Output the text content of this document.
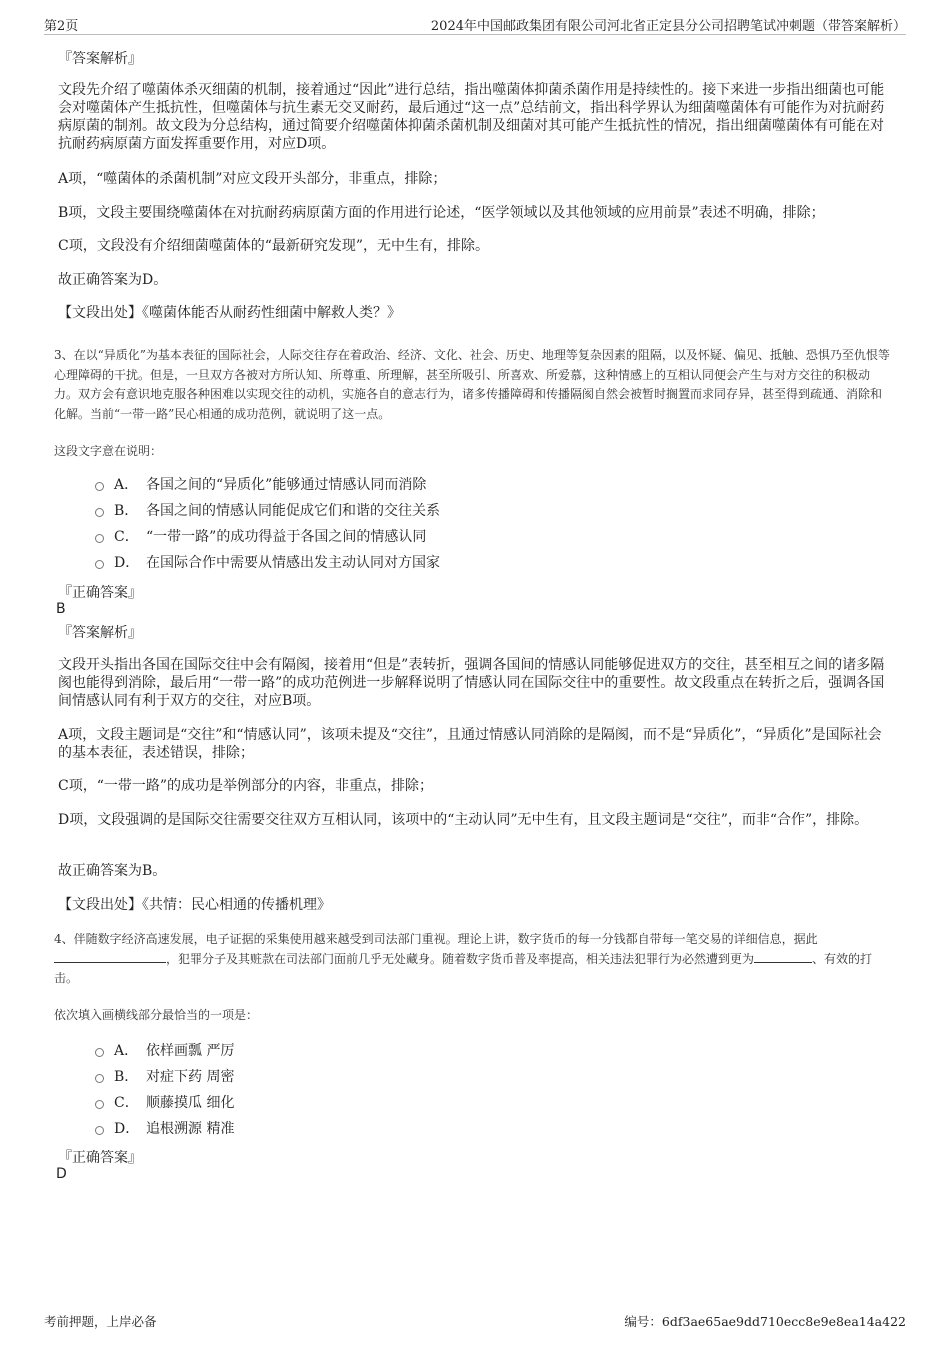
第2页	2024年中国邮政集团有限公司河北省正定县分公司招聘笔试冲刺题（带答案解析）
『答案解析』
文段先介绍了噬菌体杀灭细菌的机制，接着通过“因此”进行总结，指出噬菌体抑菌杀菌作用是持续性的。接下来进一步指出细菌也可能会对噬菌体产生抵抗性，但噬菌体与抗生素无交叉耐药，最后通过“这一点”总结前文，指出科学界认为细菌噬菌体有可能作为对抗耐药病原菌的制剂。故文段为分总结构，通过简要介绍噬菌体抑菌杀菌机制及细菌对其可能产生抵抗性的情况，指出细菌噬菌体有可能在对抗耐药病原菌方面发挥重要作用，对应D项。
A项，“噬菌体的杀菌机制”对应文段开头部分，非重点，排除；
B项，文段主要围绕噬菌体在对抗耐药病原菌方面的作用进行论述，“医学领域以及其他领域的应用前景”表述不明确，排除；
C项，文段没有介绍细菌噬菌体的“最新研究发现”，无中生有，排除。
故正确答案为D。
【文段出处】《噬菌体能否从耐药性细菌中解救人类？》
3、在以“异质化”为基本表征的国际社会，人际交往存在着政治、经济、文化、社会、历史、地理等复杂因素的阻隔，以及怀疑、偏见、抵触、恐惧乃至仇恨等心理障碍的干扰。但是，一旦双方各被对方所认知、所尊重、所理解，甚至所吸引、所喜欢、所爱慕，这种情感上的互相认同便会产生与对方交往的积极动力。双方会有意识地克服各种困难以实现交往的动机，实施各自的意志行为，诸多传播障碍和传播隔阂自然会被暂时搁置而求同存异，甚至得到疏通、消除和化解。当前“一带一路”民心相通的成功范例，就说明了这一点。
这段文字意在说明：
A． 各国之间的“异质化”能够通过情感认同而消除
B． 各国之间的情感认同能促成它们和谐的交往关系
C． “一带一路”的成功得益于各国之间的情感认同
D． 在国际合作中需要从情感出发主动认同对方国家
『正确答案』
B
『答案解析』
文段开头指出各国在国际交往中会有隔阂，接着用“但是”表转折，强调各国间的情感认同能够促进双方的交往，甚至相互之间的诸多隔阂也能得到消除，最后用“一带一路”的成功范例进一步解释说明了情感认同在国际交往中的重要性。故文段重点在转折之后，强调各国间情感认同有利于双方的交往，对应B项。
A项，文段主题词是“交往”和“情感认同”，该项未提及“交往”，且通过情感认同消除的是隔阂，而不是“异质化”，“异质化”是国际社会的基本表征，表述错误，排除；
C项，“一带一路”的成功是举例部分的内容，非重点，排除；
D项，文段强调的是国际交往需要交往双方互相认同，该项中的“主动认同”无中生有，且文段主题词是“交往”，而非“合作”，排除。
故正确答案为B。
【文段出处】《共情：民心相通的传播机理》
4、伴随数字经济高速发展，电子证据的采集使用越来越受到司法部门重视。理论上讲，数字货币的每一分钱都自带每一笔交易的详细信息，据此，犯罪分子及其赃款在司法部门面前几乎无处藏身。随着数字货币普及率提高，相关违法犯罪行为必然遭到更为	、有效的打击。
依次填入画横线部分最恰当的一项是：
A． 依样画瓢 严厉
B． 对症下药 周密
C． 顺藤摸瓜 细化
D． 追根溯源 精准
『正确答案』
D
考前押题，上岸必备	编号：6df3ae65ae9dd710ecc8e9e8ea14a422
